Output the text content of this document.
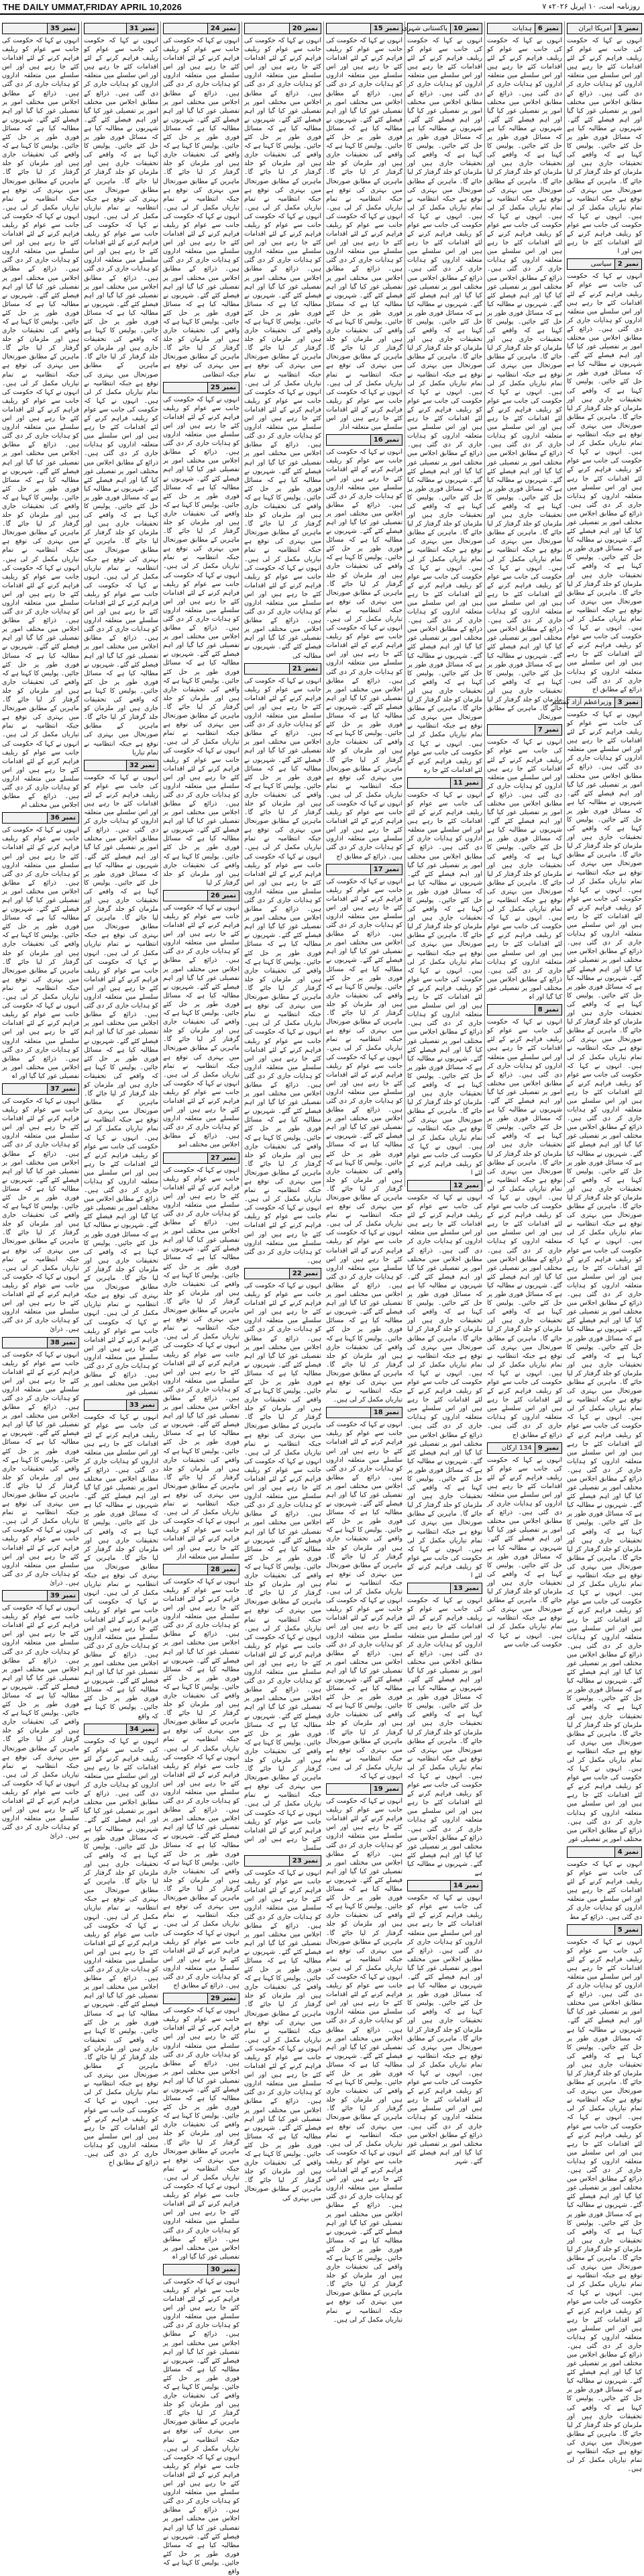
THE DAILY UMMAT,FRIDAY APRIL 10,2026	روزنامہ امت، ۱۰ اپریل ۲۰۲۶ء ۷
نمبر 35

انہوں نے کہا کہ حکومت کی جانب سے عوام کو ریلیف فراہم کرنے کے لئے اقدامات کئے جا رہے ہیں اور اس سلسلے میں متعلقہ اداروں کو ہدایات جاری کر دی گئی ہیں۔ ذرائع کے مطابق اجلاس میں مختلف امور پر تفصیلی غور کیا گیا اور اہم فیصلے کئے گئے۔ شہریوں نے مطالبہ کیا ہے کہ مسائل فوری طور پر حل کئے جائیں۔ پولیس کا کہنا ہے کہ واقعے کی تحقیقات جاری ہیں اور ملزمان کو جلد گرفتار کر لیا جائے گا۔ ماہرین کے مطابق صورتحال میں بہتری کی توقع ہے جبکہ انتظامیہ نے تمام تیاریاں مکمل کر لی ہیں۔ انہوں نے کہا کہ حکومت کی جانب سے عوام کو ریلیف فراہم کرنے کے لئے اقدامات کئے جا رہے ہیں اور اس سلسلے میں متعلقہ اداروں کو ہدایات جاری کر دی گئی ہیں۔ ذرائع کے مطابق اجلاس میں مختلف امور پر تفصیلی غور کیا گیا اور اہم فیصلے کئے گئے۔ شہریوں نے مطالبہ کیا ہے کہ مسائل فوری طور پر حل کئے جائیں۔ پولیس کا کہنا ہے کہ واقعے کی تحقیقات جاری ہیں اور ملزمان کو جلد گرفتار کر لیا جائے گا۔ ماہرین کے مطابق صورتحال میں بہتری کی توقع ہے جبکہ انتظامیہ نے تمام تیاریاں مکمل کر لی ہیں۔ انہوں نے کہا کہ حکومت کی جانب سے عوام کو ریلیف فراہم کرنے کے لئے اقدامات کئے جا رہے ہیں اور اس سلسلے میں متعلقہ اداروں کو ہدایات جاری کر دی گئی ہیں۔ ذرائع کے مطابق اجلاس میں مختلف امور پر تفصیلی غور کیا گیا اور اہم فیصلے کئے گئے۔ شہریوں نے مطالبہ کیا ہے کہ مسائل فوری طور پر حل کئے جائیں۔ پولیس کا کہنا ہے کہ واقعے کی تحقیقات جاری ہیں اور ملزمان کو جلد گرفتار کر لیا جائے گا۔ ماہرین کے مطابق صورتحال میں بہتری کی توقع ہے جبکہ انتظامیہ نے تمام تیاریاں مکمل کر لی ہیں۔ انہوں نے کہا کہ حکومت کی جانب سے عوام کو ریلیف فراہم کرنے کے لئے اقدامات کئے جا رہے ہیں اور اس سلسلے میں متعلقہ اداروں کو ہدایات جاری کر دی گئی ہیں۔ ذرائع کے مطابق اجلاس میں مختلف امور پر تفصیلی غور کیا گیا اور اہم فیصلے کئے گئے۔ شہریوں نے مطالبہ کیا ہے کہ مسائل فوری طور پر حل کئے جائیں۔ پولیس کا کہنا ہے کہ واقعے کی تحقیقات جاری ہیں اور ملزمان کو جلد گرفتار کر لیا جائے گا۔ ماہرین کے مطابق صورتحال میں بہتری کی توقع ہے جبکہ انتظامیہ نے تمام تیاریاں مکمل کر لی ہیں۔ انہوں نے کہا کہ حکومت کی جانب سے عوام کو ریلیف فراہم کرنے کے لئے اقدامات کئے جا رہے ہیں اور اس سلسلے میں متعلقہ اداروں کو ہدایات جاری کر دی گئی ہیں۔ ذرائع کے مطابق اجلاس میں مختلف ام

نمبر 36

انہوں نے کہا کہ حکومت کی جانب سے عوام کو ریلیف فراہم کرنے کے لئے اقدامات کئے جا رہے ہیں اور اس سلسلے میں متعلقہ اداروں کو ہدایات جاری کر دی گئی ہیں۔ ذرائع کے مطابق اجلاس میں مختلف امور پر تفصیلی غور کیا گیا اور اہم فیصلے کئے گئے۔ شہریوں نے مطالبہ کیا ہے کہ مسائل فوری طور پر حل کئے جائیں۔ پولیس کا کہنا ہے کہ واقعے کی تحقیقات جاری ہیں اور ملزمان کو جلد گرفتار کر لیا جائے گا۔ ماہرین کے مطابق صورتحال میں بہتری کی توقع ہے جبکہ انتظامیہ نے تمام تیاریاں مکمل کر لی ہیں۔ انہوں نے کہا کہ حکومت کی جانب سے عوام کو ریلیف فراہم کرنے کے لئے اقدامات کئے جا رہے ہیں اور اس سلسلے میں متعلقہ اداروں کو ہدایات جاری کر دی گئی ہیں۔ ذرائع کے مطابق اجلاس میں مختلف امور پر تفصیلی غور کیا گیا اور اہ

نمبر 37

انہوں نے کہا کہ حکومت کی جانب سے عوام کو ریلیف فراہم کرنے کے لئے اقدامات کئے جا رہے ہیں اور اس سلسلے میں متعلقہ اداروں کو ہدایات جاری کر دی گئی ہیں۔ ذرائع کے مطابق اجلاس میں مختلف امور پر تفصیلی غور کیا گیا اور اہم فیصلے کئے گئے۔ شہریوں نے مطالبہ کیا ہے کہ مسائل فوری طور پر حل کئے جائیں۔ پولیس کا کہنا ہے کہ واقعے کی تحقیقات جاری ہیں اور ملزمان کو جلد گرفتار کر لیا جائے گا۔ ماہرین کے مطابق صورتحال میں بہتری کی توقع ہے جبکہ انتظامیہ نے تمام تیاریاں مکمل کر لی ہیں۔ انہوں نے کہا کہ حکومت کی جانب سے عوام کو ریلیف فراہم کرنے کے لئے اقدامات کئے جا رہے ہیں اور اس سلسلے میں متعلقہ اداروں کو ہدایات جاری کر دی گئی ہیں۔ ذرائ

نمبر 38

انہوں نے کہا کہ حکومت کی جانب سے عوام کو ریلیف فراہم کرنے کے لئے اقدامات کئے جا رہے ہیں اور اس سلسلے میں متعلقہ اداروں کو ہدایات جاری کر دی گئی ہیں۔ ذرائع کے مطابق اجلاس میں مختلف امور پر تفصیلی غور کیا گیا اور اہم فیصلے کئے گئے۔ شہریوں نے مطالبہ کیا ہے کہ مسائل فوری طور پر حل کئے جائیں۔ پولیس کا کہنا ہے کہ واقعے کی تحقیقات جاری ہیں اور ملزمان کو جلد گرفتار کر لیا جائے گا۔ ماہرین کے مطابق صورتحال میں بہتری کی توقع ہے جبکہ انتظامیہ نے تمام تیاریاں مکمل کر لی ہیں۔ انہوں نے کہا کہ حکومت کی جانب سے عوام کو ریلیف فراہم کرنے کے لئے اقدامات کئے جا رہے ہیں اور اس سلسلے میں متعلقہ اداروں کو ہدایات جاری کر دی گئی ہیں۔ ذرائ

نمبر 39

انہوں نے کہا کہ حکومت کی جانب سے عوام کو ریلیف فراہم کرنے کے لئے اقدامات کئے جا رہے ہیں اور اس سلسلے میں متعلقہ اداروں کو ہدایات جاری کر دی گئی ہیں۔ ذرائع کے مطابق اجلاس میں مختلف امور پر تفصیلی غور کیا گیا اور اہم فیصلے کئے گئے۔ شہریوں نے مطالبہ کیا ہے کہ مسائل فوری طور پر حل کئے جائیں۔ پولیس کا کہنا ہے کہ واقعے کی تحقیقات جاری ہیں اور ملزمان کو جلد گرفتار کر لیا جائے گا۔ ماہرین کے مطابق صورتحال میں بہتری کی توقع ہے جبکہ انتظامیہ نے تمام تیاریاں مکمل کر لی ہیں۔ انہوں نے کہا کہ حکومت کی جانب سے عوام کو ریلیف فراہم کرنے کے لئے اقدامات کئے جا رہے ہیں اور اس سلسلے میں متعلقہ اداروں کو ہدایات جاری کر دی گئی ہیں۔ ذرائ

نمبر 31

انہوں نے کہا کہ حکومت کی جانب سے عوام کو ریلیف فراہم کرنے کے لئے اقدامات کئے جا رہے ہیں اور اس سلسلے میں متعلقہ اداروں کو ہدایات جاری کر دی گئی ہیں۔ ذرائع کے مطابق اجلاس میں مختلف امور پر تفصیلی غور کیا گیا اور اہم فیصلے کئے گئے۔ شہریوں نے مطالبہ کیا ہے کہ مسائل فوری طور پر حل کئے جائیں۔ پولیس کا کہنا ہے کہ واقعے کی تحقیقات جاری ہیں اور ملزمان کو جلد گرفتار کر لیا جائے گا۔ ماہرین کے مطابق صورتحال میں بہتری کی توقع ہے جبکہ انتظامیہ نے تمام تیاریاں مکمل کر لی ہیں۔ انہوں نے کہا کہ حکومت کی جانب سے عوام کو ریلیف فراہم کرنے کے لئے اقدامات کئے جا رہے ہیں اور اس سلسلے میں متعلقہ اداروں کو ہدایات جاری کر دی گئی ہیں۔ ذرائع کے مطابق اجلاس میں مختلف امور پر تفصیلی غور کیا گیا اور اہم فیصلے کئے گئے۔ شہریوں نے مطالبہ کیا ہے کہ مسائل فوری طور پر حل کئے جائیں۔ پولیس کا کہنا ہے کہ واقعے کی تحقیقات جاری ہیں اور ملزمان کو جلد گرفتار کر لیا جائے گا۔ ماہرین کے مطابق صورتحال میں بہتری کی توقع ہے جبکہ انتظامیہ نے تمام تیاریاں مکمل کر لی ہیں۔ انہوں نے کہا کہ حکومت کی جانب سے عوام کو ریلیف فراہم کرنے کے لئے اقدامات کئے جا رہے ہیں اور اس سلسلے میں متعلقہ اداروں کو ہدایات جاری کر دی گئی ہیں۔ ذرائع کے مطابق اجلاس میں مختلف امور پر تفصیلی غور کیا گیا اور اہم فیصلے کئے گئے۔ شہریوں نے مطالبہ کیا ہے کہ مسائل فوری طور پر حل کئے جائیں۔ پولیس کا کہنا ہے کہ واقعے کی تحقیقات جاری ہیں اور ملزمان کو جلد گرفتار کر لیا جائے گا۔ ماہرین کے مطابق صورتحال میں بہتری کی توقع ہے جبکہ انتظامیہ نے تمام تیاریاں مکمل کر لی ہیں۔ انہوں نے کہا کہ حکومت کی جانب سے عوام کو ریلیف فراہم کرنے کے لئے اقدامات کئے جا رہے ہیں اور اس سلسلے میں متعلقہ اداروں کو ہدایات جاری کر دی گئی ہیں۔ ذرائع کے مطابق اجلاس میں مختلف امور پر تفصیلی غور کیا گیا اور اہم فیصلے کئے گئے۔ شہریوں نے مطالبہ کیا ہے کہ مسائل فوری طور پر حل کئے جائیں۔ پولیس کا کہنا ہے کہ واقعے کی تحقیقات جاری ہیں اور ملزمان کو جلد گرفتار کر لیا جائے گا۔ ماہرین کے مطابق صورتحال میں بہتری کی توقع ہے جبکہ انتظامیہ نے تمام تیاریا

نمبر 32

انہوں نے کہا کہ حکومت کی جانب سے عوام کو ریلیف فراہم کرنے کے لئے اقدامات کئے جا رہے ہیں اور اس سلسلے میں متعلقہ اداروں کو ہدایات جاری کر دی گئی ہیں۔ ذرائع کے مطابق اجلاس میں مختلف امور پر تفصیلی غور کیا گیا اور اہم فیصلے کئے گئے۔ شہریوں نے مطالبہ کیا ہے کہ مسائل فوری طور پر حل کئے جائیں۔ پولیس کا کہنا ہے کہ واقعے کی تحقیقات جاری ہیں اور ملزمان کو جلد گرفتار کر لیا جائے گا۔ ماہرین کے مطابق صورتحال میں بہتری کی توقع ہے جبکہ انتظامیہ نے تمام تیاریاں مکمل کر لی ہیں۔ انہوں نے کہا کہ حکومت کی جانب سے عوام کو ریلیف فراہم کرنے کے لئے اقدامات کئے جا رہے ہیں اور اس سلسلے میں متعلقہ اداروں کو ہدایات جاری کر دی گئی ہیں۔ ذرائع کے مطابق اجلاس میں مختلف امور پر تفصیلی غور کیا گیا اور اہم فیصلے کئے گئے۔ شہریوں نے مطالبہ کیا ہے کہ مسائل فوری طور پر حل کئے جائیں۔ پولیس کا کہنا ہے کہ واقعے کی تحقیقات جاری ہیں اور ملزمان کو جلد گرفتار کر لیا جائے گا۔ ماہرین کے مطابق صورتحال میں بہتری کی توقع ہے جبکہ انتظامیہ نے تمام تیاریاں مکمل کر لی ہیں۔ انہوں نے کہا کہ حکومت کی جانب سے عوام کو ریلیف فراہم کرنے کے لئے اقدامات کئے جا رہے ہیں اور اس سلسلے میں متعلقہ اداروں کو ہدایات جاری کر دی گئی ہیں۔ ذرائع کے مطابق اجلاس میں مختلف امور پر تفصیلی غور کیا گیا اور اہم فیصلے کئے گئے۔ شہریوں نے مطالبہ کیا ہے کہ مسائل فوری طور پر حل کئے جائیں۔ پولیس کا کہنا ہے کہ واقعے کی تحقیقات جاری ہیں اور ملزمان کو جلد گرفتار کر لیا جائے گا۔ ماہرین کے مطابق صورتحال میں بہتری کی توقع ہے جبکہ انتظامیہ نے تمام تیاریاں مکمل کر لی ہیں۔ انہوں نے کہا کہ حکومت کی جانب سے عوام کو ریلیف فراہم کرنے کے لئے اقدامات کئے جا رہے ہیں اور اس سلسلے میں متعلقہ اداروں کو ہدایات جاری کر دی گئی ہیں۔ ذرائع کے مطابق اجلاس میں مختلف امور پر تفصیلی غور

نمبر 33

انہوں نے کہا کہ حکومت کی جانب سے عوام کو ریلیف فراہم کرنے کے لئے اقدامات کئے جا رہے ہیں اور اس سلسلے میں متعلقہ اداروں کو ہدایات جاری کر دی گئی ہیں۔ ذرائع کے مطابق اجلاس میں مختلف امور پر تفصیلی غور کیا گیا اور اہم فیصلے کئے گئے۔ شہریوں نے مطالبہ کیا ہے کہ مسائل فوری طور پر حل کئے جائیں۔ پولیس کا کہنا ہے کہ واقعے کی تحقیقات جاری ہیں اور ملزمان کو جلد گرفتار کر لیا جائے گا۔ ماہرین کے مطابق صورتحال میں بہتری کی توقع ہے جبکہ انتظامیہ نے تمام تیاریاں مکمل کر لی ہیں۔ انہوں نے کہا کہ حکومت کی جانب سے عوام کو ریلیف فراہم کرنے کے لئے اقدامات کئے جا رہے ہیں اور اس سلسلے میں متعلقہ اداروں کو ہدایات جاری کر دی گئی ہیں۔ ذرائع کے مطابق اجلاس میں مختلف امور پر تفصیلی غور کیا گیا اور اہم فیصلے کئے گئے۔ شہریوں نے مطالبہ کیا ہے کہ مسائل فوری طور پر حل کئے جائیں۔ پولیس کا کہنا ہے کہ واقع

نمبر 34

انہوں نے کہا کہ حکومت کی جانب سے عوام کو ریلیف فراہم کرنے کے لئے اقدامات کئے جا رہے ہیں اور اس سلسلے میں متعلقہ اداروں کو ہدایات جاری کر دی گئی ہیں۔ ذرائع کے مطابق اجلاس میں مختلف امور پر تفصیلی غور کیا گیا اور اہم فیصلے کئے گئے۔ شہریوں نے مطالبہ کیا ہے کہ مسائل فوری طور پر حل کئے جائیں۔ پولیس کا کہنا ہے کہ واقعے کی تحقیقات جاری ہیں اور ملزمان کو جلد گرفتار کر لیا جائے گا۔ ماہرین کے مطابق صورتحال میں بہتری کی توقع ہے جبکہ انتظامیہ نے تمام تیاریاں مکمل کر لی ہیں۔ انہوں نے کہا کہ حکومت کی جانب سے عوام کو ریلیف فراہم کرنے کے لئے اقدامات کئے جا رہے ہیں اور اس سلسلے میں متعلقہ اداروں کو ہدایات جاری کر دی گئی ہیں۔ ذرائع کے مطابق اجلاس میں مختلف امور پر تفصیلی غور کیا گیا اور اہم فیصلے کئے گئے۔ شہریوں نے مطالبہ کیا ہے کہ مسائل فوری طور پر حل کئے جائیں۔ پولیس کا کہنا ہے کہ واقعے کی تحقیقات جاری ہیں اور ملزمان کو جلد گرفتار کر لیا جائے گا۔ ماہرین کے مطابق صورتحال میں بہتری کی توقع ہے جبکہ انتظامیہ نے تمام تیاریاں مکمل کر لی ہیں۔ انہوں نے کہا کہ حکومت کی جانب سے عوام کو ریلیف فراہم کرنے کے لئے اقدامات کئے جا رہے ہیں اور اس سلسلے میں متعلقہ اداروں کو ہدایات جاری کر دی گئی ہیں۔ ذرائع کے مطابق اج

نمبر 24

انہوں نے کہا کہ حکومت کی جانب سے عوام کو ریلیف فراہم کرنے کے لئے اقدامات کئے جا رہے ہیں اور اس سلسلے میں متعلقہ اداروں کو ہدایات جاری کر دی گئی ہیں۔ ذرائع کے مطابق اجلاس میں مختلف امور پر تفصیلی غور کیا گیا اور اہم فیصلے کئے گئے۔ شہریوں نے مطالبہ کیا ہے کہ مسائل فوری طور پر حل کئے جائیں۔ پولیس کا کہنا ہے کہ واقعے کی تحقیقات جاری ہیں اور ملزمان کو جلد گرفتار کر لیا جائے گا۔ ماہرین کے مطابق صورتحال میں بہتری کی توقع ہے جبکہ انتظامیہ نے تمام تیاریاں مکمل کر لی ہیں۔ انہوں نے کہا کہ حکومت کی جانب سے عوام کو ریلیف فراہم کرنے کے لئے اقدامات کئے جا رہے ہیں اور اس سلسلے میں متعلقہ اداروں کو ہدایات جاری کر دی گئی ہیں۔ ذرائع کے مطابق اجلاس میں مختلف امور پر تفصیلی غور کیا گیا اور اہم فیصلے کئے گئے۔ شہریوں نے مطالبہ کیا ہے کہ مسائل فوری طور پر حل کئے جائیں۔ پولیس کا کہنا ہے کہ واقعے کی تحقیقات جاری ہیں اور ملزمان کو جلد گرفتار کر لیا جائے گا۔ ماہرین کے مطابق صورتحال میں بہتری کی توقع ہے جبکہ انتظامی

نمبر 25

انہوں نے کہا کہ حکومت کی جانب سے عوام کو ریلیف فراہم کرنے کے لئے اقدامات کئے جا رہے ہیں اور اس سلسلے میں متعلقہ اداروں کو ہدایات جاری کر دی گئی ہیں۔ ذرائع کے مطابق اجلاس میں مختلف امور پر تفصیلی غور کیا گیا اور اہم فیصلے کئے گئے۔ شہریوں نے مطالبہ کیا ہے کہ مسائل فوری طور پر حل کئے جائیں۔ پولیس کا کہنا ہے کہ واقعے کی تحقیقات جاری ہیں اور ملزمان کو جلد گرفتار کر لیا جائے گا۔ ماہرین کے مطابق صورتحال میں بہتری کی توقع ہے جبکہ انتظامیہ نے تمام تیاریاں مکمل کر لی ہیں۔ انہوں نے کہا کہ حکومت کی جانب سے عوام کو ریلیف فراہم کرنے کے لئے اقدامات کئے جا رہے ہیں اور اس سلسلے میں متعلقہ اداروں کو ہدایات جاری کر دی گئی ہیں۔ ذرائع کے مطابق اجلاس میں مختلف امور پر تفصیلی غور کیا گیا اور اہم فیصلے کئے گئے۔ شہریوں نے مطالبہ کیا ہے کہ مسائل فوری طور پر حل کئے جائیں۔ پولیس کا کہنا ہے کہ واقعے کی تحقیقات جاری ہیں اور ملزمان کو جلد گرفتار کر لیا جائے گا۔ ماہرین کے مطابق صورتحال میں بہتری کی توقع ہے جبکہ انتظامیہ نے تمام تیاریاں مکمل کر لی ہیں۔ انہوں نے کہا کہ حکومت کی جانب سے عوام کو ریلیف فراہم کرنے کے لئے اقدامات کئے جا رہے ہیں اور اس سلسلے میں متعلقہ اداروں کو ہدایات جاری کر دی گئی ہیں۔ ذرائع کے مطابق اجلاس میں مختلف امور پر تفصیلی غور کیا گیا اور اہم فیصلے کئے گئے۔ شہریوں نے مطالبہ کیا ہے کہ مسائل فوری طور پر حل کئے جائیں۔ پولیس کا کہنا ہے کہ واقعے کی تحقیقات جاری ہیں اور ملزمان کو جلد گرفتار کر لیا

نمبر 26

انہوں نے کہا کہ حکومت کی جانب سے عوام کو ریلیف فراہم کرنے کے لئے اقدامات کئے جا رہے ہیں اور اس سلسلے میں متعلقہ اداروں کو ہدایات جاری کر دی گئی ہیں۔ ذرائع کے مطابق اجلاس میں مختلف امور پر تفصیلی غور کیا گیا اور اہم فیصلے کئے گئے۔ شہریوں نے مطالبہ کیا ہے کہ مسائل فوری طور پر حل کئے جائیں۔ پولیس کا کہنا ہے کہ واقعے کی تحقیقات جاری ہیں اور ملزمان کو جلد گرفتار کر لیا جائے گا۔ ماہرین کے مطابق صورتحال میں بہتری کی توقع ہے جبکہ انتظامیہ نے تمام تیاریاں مکمل کر لی ہیں۔ انہوں نے کہا کہ حکومت کی جانب سے عوام کو ریلیف فراہم کرنے کے لئے اقدامات کئے جا رہے ہیں اور اس سلسلے میں متعلقہ اداروں کو ہدایات جاری کر دی گئی ہیں۔ ذرائع کے مطابق اجلاس میں مختلف امو

نمبر 27

انہوں نے کہا کہ حکومت کی جانب سے عوام کو ریلیف فراہم کرنے کے لئے اقدامات کئے جا رہے ہیں اور اس سلسلے میں متعلقہ اداروں کو ہدایات جاری کر دی گئی ہیں۔ ذرائع کے مطابق اجلاس میں مختلف امور پر تفصیلی غور کیا گیا اور اہم فیصلے کئے گئے۔ شہریوں نے مطالبہ کیا ہے کہ مسائل فوری طور پر حل کئے جائیں۔ پولیس کا کہنا ہے کہ واقعے کی تحقیقات جاری ہیں اور ملزمان کو جلد گرفتار کر لیا جائے گا۔ ماہرین کے مطابق صورتحال میں بہتری کی توقع ہے جبکہ انتظامیہ نے تمام تیاریاں مکمل کر لی ہیں۔ انہوں نے کہا کہ حکومت کی جانب سے عوام کو ریلیف فراہم کرنے کے لئے اقدامات کئے جا رہے ہیں اور اس سلسلے میں متعلقہ اداروں کو ہدایات جاری کر دی گئی ہیں۔ ذرائع کے مطابق اجلاس میں مختلف امور پر تفصیلی غور کیا گیا اور اہم فیصلے کئے گئے۔ شہریوں نے مطالبہ کیا ہے کہ مسائل فوری طور پر حل کئے جائیں۔ پولیس کا کہنا ہے کہ واقعے کی تحقیقات جاری ہیں اور ملزمان کو جلد گرفتار کر لیا جائے گا۔ ماہرین کے مطابق صورتحال میں بہتری کی توقع ہے جبکہ انتظامیہ نے تمام تیاریاں مکمل کر لی ہیں۔ انہوں نے کہا کہ حکومت کی جانب سے عوام کو ریلیف فراہم کرنے کے لئے اقدامات کئے جا رہے ہیں اور اس سلسلے میں متعلقہ ادار

نمبر 28

انہوں نے کہا کہ حکومت کی جانب سے عوام کو ریلیف فراہم کرنے کے لئے اقدامات کئے جا رہے ہیں اور اس سلسلے میں متعلقہ اداروں کو ہدایات جاری کر دی گئی ہیں۔ ذرائع کے مطابق اجلاس میں مختلف امور پر تفصیلی غور کیا گیا اور اہم فیصلے کئے گئے۔ شہریوں نے مطالبہ کیا ہے کہ مسائل فوری طور پر حل کئے جائیں۔ پولیس کا کہنا ہے کہ واقعے کی تحقیقات جاری ہیں اور ملزمان کو جلد گرفتار کر لیا جائے گا۔ ماہرین کے مطابق صورتحال میں بہتری کی توقع ہے جبکہ انتظامیہ نے تمام تیاریاں مکمل کر لی ہیں۔ انہوں نے کہا کہ حکومت کی جانب سے عوام کو ریلیف فراہم کرنے کے لئے اقدامات کئے جا رہے ہیں اور اس سلسلے میں متعلقہ اداروں کو ہدایات جاری کر دی گئی ہیں۔ ذرائع کے مطابق اجلاس میں مختلف امور پر تفصیلی غور کیا گیا اور اہم فیصلے کئے گئے۔ شہریوں نے مطالبہ کیا ہے کہ مسائل فوری طور پر حل کئے جائیں۔ پولیس کا کہنا ہے کہ واقعے کی تحقیقات جاری ہیں اور ملزمان کو جلد گرفتار کر لیا جائے گا۔ ماہرین کے مطابق صورتحال میں بہتری کی توقع ہے جبکہ انتظامیہ نے تمام تیاریاں مکمل کر لی ہیں۔ انہوں نے کہا کہ حکومت کی جانب سے عوام کو ریلیف فراہم کرنے کے لئے اقدامات کئے جا رہے ہیں اور اس سلسلے میں متعلقہ اداروں کو ہدایات جاری کر دی گئی ہیں۔ ذرائع کے مطابق اج

نمبر 29

انہوں نے کہا کہ حکومت کی جانب سے عوام کو ریلیف فراہم کرنے کے لئے اقدامات کئے جا رہے ہیں اور اس سلسلے میں متعلقہ اداروں کو ہدایات جاری کر دی گئی ہیں۔ ذرائع کے مطابق اجلاس میں مختلف امور پر تفصیلی غور کیا گیا اور اہم فیصلے کئے گئے۔ شہریوں نے مطالبہ کیا ہے کہ مسائل فوری طور پر حل کئے جائیں۔ پولیس کا کہنا ہے کہ واقعے کی تحقیقات جاری ہیں اور ملزمان کو جلد گرفتار کر لیا جائے گا۔ ماہرین کے مطابق صورتحال میں بہتری کی توقع ہے جبکہ انتظامیہ نے تمام تیاریاں مکمل کر لی ہیں۔ انہوں نے کہا کہ حکومت کی جانب سے عوام کو ریلیف فراہم کرنے کے لئے اقدامات کئے جا رہے ہیں اور اس سلسلے میں متعلقہ اداروں کو ہدایات جاری کر دی گئی ہیں۔ ذرائع کے مطابق اجلاس میں مختلف امور پر تفصیلی غور کیا گیا اور اہ

نمبر 30

انہوں نے کہا کہ حکومت کی جانب سے عوام کو ریلیف فراہم کرنے کے لئے اقدامات کئے جا رہے ہیں اور اس سلسلے میں متعلقہ اداروں کو ہدایات جاری کر دی گئی ہیں۔ ذرائع کے مطابق اجلاس میں مختلف امور پر تفصیلی غور کیا گیا اور اہم فیصلے کئے گئے۔ شہریوں نے مطالبہ کیا ہے کہ مسائل فوری طور پر حل کئے جائیں۔ پولیس کا کہنا ہے کہ واقعے کی تحقیقات جاری ہیں اور ملزمان کو جلد گرفتار کر لیا جائے گا۔ ماہرین کے مطابق صورتحال میں بہتری کی توقع ہے جبکہ انتظامیہ نے تمام تیاریاں مکمل کر لی ہیں۔ انہوں نے کہا کہ حکومت کی جانب سے عوام کو ریلیف فراہم کرنے کے لئے اقدامات کئے جا رہے ہیں اور اس سلسلے میں متعلقہ اداروں کو ہدایات جاری کر دی گئی ہیں۔ ذرائع کے مطابق اجلاس میں مختلف امور پر تفصیلی غور کیا گیا اور اہم فیصلے کئے گئے۔ شہریوں نے مطالبہ کیا ہے کہ مسائل فوری طور پر حل کئے جائیں۔ پولیس کا کہنا ہے کہ واقع

نمبر 20

انہوں نے کہا کہ حکومت کی جانب سے عوام کو ریلیف فراہم کرنے کے لئے اقدامات کئے جا رہے ہیں اور اس سلسلے میں متعلقہ اداروں کو ہدایات جاری کر دی گئی ہیں۔ ذرائع کے مطابق اجلاس میں مختلف امور پر تفصیلی غور کیا گیا اور اہم فیصلے کئے گئے۔ شہریوں نے مطالبہ کیا ہے کہ مسائل فوری طور پر حل کئے جائیں۔ پولیس کا کہنا ہے کہ واقعے کی تحقیقات جاری ہیں اور ملزمان کو جلد گرفتار کر لیا جائے گا۔ ماہرین کے مطابق صورتحال میں بہتری کی توقع ہے جبکہ انتظامیہ نے تمام تیاریاں مکمل کر لی ہیں۔ انہوں نے کہا کہ حکومت کی جانب سے عوام کو ریلیف فراہم کرنے کے لئے اقدامات کئے جا رہے ہیں اور اس سلسلے میں متعلقہ اداروں کو ہدایات جاری کر دی گئی ہیں۔ ذرائع کے مطابق اجلاس میں مختلف امور پر تفصیلی غور کیا گیا اور اہم فیصلے کئے گئے۔ شہریوں نے مطالبہ کیا ہے کہ مسائل فوری طور پر حل کئے جائیں۔ پولیس کا کہنا ہے کہ واقعے کی تحقیقات جاری ہیں اور ملزمان کو جلد گرفتار کر لیا جائے گا۔ ماہرین کے مطابق صورتحال میں بہتری کی توقع ہے جبکہ انتظامیہ نے تمام تیاریاں مکمل کر لی ہیں۔ انہوں نے کہا کہ حکومت کی جانب سے عوام کو ریلیف فراہم کرنے کے لئے اقدامات کئے جا رہے ہیں اور اس سلسلے میں متعلقہ اداروں کو ہدایات جاری کر دی گئی ہیں۔ ذرائع کے مطابق اجلاس میں مختلف امور پر تفصیلی غور کیا گیا اور اہم فیصلے کئے گئے۔ شہریوں نے مطالبہ کیا ہے کہ مسائل فوری طور پر حل کئے جائیں۔ پولیس کا کہنا ہے کہ واقعے کی تحقیقات جاری ہیں اور ملزمان کو جلد گرفتار کر لیا جائے گا۔ ماہرین کے مطابق صورتحال میں بہتری کی توقع ہے جبکہ انتظامیہ نے تمام تیاریاں مکمل کر لی ہیں۔ انہوں نے کہا کہ حکومت کی جانب سے عوام کو ریلیف فراہم کرنے کے لئے اقدامات کئے جا رہے ہیں اور اس سلسلے میں متعلقہ اداروں کو ہدایات جاری کر دی گئی ہیں۔ ذرائع کے مطابق اجلاس میں مختلف امور پر تفصیلی غور کیا گیا اور اہم فیصلے کئے گئے۔ شہریوں نے مطالبہ کی

نمبر 21

انہوں نے کہا کہ حکومت کی جانب سے عوام کو ریلیف فراہم کرنے کے لئے اقدامات کئے جا رہے ہیں اور اس سلسلے میں متعلقہ اداروں کو ہدایات جاری کر دی گئی ہیں۔ ذرائع کے مطابق اجلاس میں مختلف امور پر تفصیلی غور کیا گیا اور اہم فیصلے کئے گئے۔ شہریوں نے مطالبہ کیا ہے کہ مسائل فوری طور پر حل کئے جائیں۔ پولیس کا کہنا ہے کہ واقعے کی تحقیقات جاری ہیں اور ملزمان کو جلد گرفتار کر لیا جائے گا۔ ماہرین کے مطابق صورتحال میں بہتری کی توقع ہے جبکہ انتظامیہ نے تمام تیاریاں مکمل کر لی ہیں۔ انہوں نے کہا کہ حکومت کی جانب سے عوام کو ریلیف فراہم کرنے کے لئے اقدامات کئے جا رہے ہیں اور اس سلسلے میں متعلقہ اداروں کو ہدایات جاری کر دی گئی ہیں۔ ذرائع کے مطابق اجلاس میں مختلف امور پر تفصیلی غور کیا گیا اور اہم فیصلے کئے گئے۔ شہریوں نے مطالبہ کیا ہے کہ مسائل فوری طور پر حل کئے جائیں۔ پولیس کا کہنا ہے کہ واقعے کی تحقیقات جاری ہیں اور ملزمان کو جلد گرفتار کر لیا جائے گا۔ ماہرین کے مطابق صورتحال میں بہتری کی توقع ہے جبکہ انتظامیہ نے تمام تیاریاں مکمل کر لی ہیں۔ انہوں نے کہا کہ حکومت کی جانب سے عوام کو ریلیف فراہم کرنے کے لئے اقدامات کئے جا رہے ہیں اور اس سلسلے میں متعلقہ اداروں کو ہدایات جاری کر دی گئی ہیں۔ ذرائع کے مطابق اجلاس میں مختلف امور پر تفصیلی غور کیا گیا اور اہم فیصلے کئے گئے۔ شہریوں نے مطالبہ کیا ہے کہ مسائل فوری طور پر حل کئے جائیں۔ پولیس کا کہنا ہے کہ واقعے کی تحقیقات جاری ہیں اور ملزمان کو جلد گرفتار کر لیا جائے گا۔ ماہرین کے مطابق صورتحال میں بہتری کی توقع ہے جبکہ انتظامیہ نے تمام تیاریاں مکمل کر لی ہیں۔ انہوں نے کہا کہ حکومت کی جانب سے عوام کو ریلیف فراہم کرنے کے لئے اقدامات کئے جا رہے ہیں اور اس سلسلے میں متعلقہ اداروں کو ہدایات جاری کر دی گئی ہیں۔

نمبر 22

انہوں نے کہا کہ حکومت کی جانب سے عوام کو ریلیف فراہم کرنے کے لئے اقدامات کئے جا رہے ہیں اور اس سلسلے میں متعلقہ اداروں کو ہدایات جاری کر دی گئی ہیں۔ ذرائع کے مطابق اجلاس میں مختلف امور پر تفصیلی غور کیا گیا اور اہم فیصلے کئے گئے۔ شہریوں نے مطالبہ کیا ہے کہ مسائل فوری طور پر حل کئے جائیں۔ پولیس کا کہنا ہے کہ واقعے کی تحقیقات جاری ہیں اور ملزمان کو جلد گرفتار کر لیا جائے گا۔ ماہرین کے مطابق صورتحال میں بہتری کی توقع ہے جبکہ انتظامیہ نے تمام تیاریاں مکمل کر لی ہیں۔ انہوں نے کہا کہ حکومت کی جانب سے عوام کو ریلیف فراہم کرنے کے لئے اقدامات کئے جا رہے ہیں اور اس سلسلے میں متعلقہ اداروں کو ہدایات جاری کر دی گئی ہیں۔ ذرائع کے مطابق اجلاس میں مختلف امور پر تفصیلی غور کیا گیا اور اہم فیصلے کئے گئے۔ شہریوں نے مطالبہ کیا ہے کہ مسائل فوری طور پر حل کئے جائیں۔ پولیس کا کہنا ہے کہ واقعے کی تحقیقات جاری ہیں اور ملزمان کو جلد گرفتار کر لیا جائے گا۔ ماہرین کے مطابق صورتحال میں بہتری کی توقع ہے جبکہ انتظامیہ نے تمام تیاریاں مکمل کر لی ہیں۔ انہوں نے کہا کہ حکومت کی جانب سے عوام کو ریلیف فراہم کرنے کے لئے اقدامات کئے جا رہے ہیں اور اس سلسلے میں متعلقہ اداروں کو ہدایات جاری کر دی گئی ہیں۔ ذرائع کے مطابق اجلاس میں مختلف امور پر تفصیلی غور کیا گیا اور اہم فیصلے کئے گئے۔ شہریوں نے مطالبہ کیا ہے کہ مسائل فوری طور پر حل کئے جائیں۔ پولیس کا کہنا ہے کہ واقعے کی تحقیقات جاری ہیں اور ملزمان کو جلد گرفتار کر لیا جائے گا۔ ماہرین کے مطابق صورتحال میں بہتری کی توقع ہے جبکہ انتظامیہ نے تمام تیاریاں مکمل کر لی ہیں۔ انہوں نے کہا کہ حکومت کی جانب سے عوام کو ریلیف فراہم کرنے کے لئے اقدامات کئے جا رہے ہیں اور اس سلسل

نمبر 23

انہوں نے کہا کہ حکومت کی جانب سے عوام کو ریلیف فراہم کرنے کے لئے اقدامات کئے جا رہے ہیں اور اس سلسلے میں متعلقہ اداروں کو ہدایات جاری کر دی گئی ہیں۔ ذرائع کے مطابق اجلاس میں مختلف امور پر تفصیلی غور کیا گیا اور اہم فیصلے کئے گئے۔ شہریوں نے مطالبہ کیا ہے کہ مسائل فوری طور پر حل کئے جائیں۔ پولیس کا کہنا ہے کہ واقعے کی تحقیقات جاری ہیں اور ملزمان کو جلد گرفتار کر لیا جائے گا۔ ماہرین کے مطابق صورتحال میں بہتری کی توقع ہے جبکہ انتظامیہ نے تمام تیاریاں مکمل کر لی ہیں۔ انہوں نے کہا کہ حکومت کی جانب سے عوام کو ریلیف فراہم کرنے کے لئے اقدامات کئے جا رہے ہیں اور اس سلسلے میں متعلقہ اداروں کو ہدایات جاری کر دی گئی ہیں۔ ذرائع کے مطابق اجلاس میں مختلف امور پر تفصیلی غور کیا گیا اور اہم فیصلے کئے گئے۔ شہریوں نے مطالبہ کیا ہے کہ مسائل فوری طور پر حل کئے جائیں۔ پولیس کا کہنا ہے کہ واقعے کی تحقیقات جاری ہیں اور ملزمان کو جلد گرفتار کر لیا جائے گا۔ ماہرین کے مطابق صورتحال میں بہتری کی

نمبر 15

انہوں نے کہا کہ حکومت کی جانب سے عوام کو ریلیف فراہم کرنے کے لئے اقدامات کئے جا رہے ہیں اور اس سلسلے میں متعلقہ اداروں کو ہدایات جاری کر دی گئی ہیں۔ ذرائع کے مطابق اجلاس میں مختلف امور پر تفصیلی غور کیا گیا اور اہم فیصلے کئے گئے۔ شہریوں نے مطالبہ کیا ہے کہ مسائل فوری طور پر حل کئے جائیں۔ پولیس کا کہنا ہے کہ واقعے کی تحقیقات جاری ہیں اور ملزمان کو جلد گرفتار کر لیا جائے گا۔ ماہرین کے مطابق صورتحال میں بہتری کی توقع ہے جبکہ انتظامیہ نے تمام تیاریاں مکمل کر لی ہیں۔ انہوں نے کہا کہ حکومت کی جانب سے عوام کو ریلیف فراہم کرنے کے لئے اقدامات کئے جا رہے ہیں اور اس سلسلے میں متعلقہ اداروں کو ہدایات جاری کر دی گئی ہیں۔ ذرائع کے مطابق اجلاس میں مختلف امور پر تفصیلی غور کیا گیا اور اہم فیصلے کئے گئے۔ شہریوں نے مطالبہ کیا ہے کہ مسائل فوری طور پر حل کئے جائیں۔ پولیس کا کہنا ہے کہ واقعے کی تحقیقات جاری ہیں اور ملزمان کو جلد گرفتار کر لیا جائے گا۔ ماہرین کے مطابق صورتحال میں بہتری کی توقع ہے جبکہ انتظامیہ نے تمام تیاریاں مکمل کر لی ہیں۔ انہوں نے کہا کہ حکومت کی جانب سے عوام کو ریلیف فراہم کرنے کے لئے اقدامات کئے جا رہے ہیں اور اس سلسلے میں متعلقہ ادار

نمبر 16

انہوں نے کہا کہ حکومت کی جانب سے عوام کو ریلیف فراہم کرنے کے لئے اقدامات کئے جا رہے ہیں اور اس سلسلے میں متعلقہ اداروں کو ہدایات جاری کر دی گئی ہیں۔ ذرائع کے مطابق اجلاس میں مختلف امور پر تفصیلی غور کیا گیا اور اہم فیصلے کئے گئے۔ شہریوں نے مطالبہ کیا ہے کہ مسائل فوری طور پر حل کئے جائیں۔ پولیس کا کہنا ہے کہ واقعے کی تحقیقات جاری ہیں اور ملزمان کو جلد گرفتار کر لیا جائے گا۔ ماہرین کے مطابق صورتحال میں بہتری کی توقع ہے جبکہ انتظامیہ نے تمام تیاریاں مکمل کر لی ہیں۔ انہوں نے کہا کہ حکومت کی جانب سے عوام کو ریلیف فراہم کرنے کے لئے اقدامات کئے جا رہے ہیں اور اس سلسلے میں متعلقہ اداروں کو ہدایات جاری کر دی گئی ہیں۔ ذرائع کے مطابق اجلاس میں مختلف امور پر تفصیلی غور کیا گیا اور اہم فیصلے کئے گئے۔ شہریوں نے مطالبہ کیا ہے کہ مسائل فوری طور پر حل کئے جائیں۔ پولیس کا کہنا ہے کہ واقعے کی تحقیقات جاری ہیں اور ملزمان کو جلد گرفتار کر لیا جائے گا۔ ماہرین کے مطابق صورتحال میں بہتری کی توقع ہے جبکہ انتظامیہ نے تمام تیاریاں مکمل کر لی ہیں۔ انہوں نے کہا کہ حکومت کی جانب سے عوام کو ریلیف فراہم کرنے کے لئے اقدامات کئے جا رہے ہیں اور اس سلسلے میں متعلقہ اداروں کو ہدایات جاری کر دی گئی ہیں۔ ذرائع کے مطابق اج

نمبر 17

انہوں نے کہا کہ حکومت کی جانب سے عوام کو ریلیف فراہم کرنے کے لئے اقدامات کئے جا رہے ہیں اور اس سلسلے میں متعلقہ اداروں کو ہدایات جاری کر دی گئی ہیں۔ ذرائع کے مطابق اجلاس میں مختلف امور پر تفصیلی غور کیا گیا اور اہم فیصلے کئے گئے۔ شہریوں نے مطالبہ کیا ہے کہ مسائل فوری طور پر حل کئے جائیں۔ پولیس کا کہنا ہے کہ واقعے کی تحقیقات جاری ہیں اور ملزمان کو جلد گرفتار کر لیا جائے گا۔ ماہرین کے مطابق صورتحال میں بہتری کی توقع ہے جبکہ انتظامیہ نے تمام تیاریاں مکمل کر لی ہیں۔ انہوں نے کہا کہ حکومت کی جانب سے عوام کو ریلیف فراہم کرنے کے لئے اقدامات کئے جا رہے ہیں اور اس سلسلے میں متعلقہ اداروں کو ہدایات جاری کر دی گئی ہیں۔ ذرائع کے مطابق اجلاس میں مختلف امور پر تفصیلی غور کیا گیا اور اہم فیصلے کئے گئے۔ شہریوں نے مطالبہ کیا ہے کہ مسائل فوری طور پر حل کئے جائیں۔ پولیس کا کہنا ہے کہ واقعے کی تحقیقات جاری ہیں اور ملزمان کو جلد گرفتار کر لیا جائے گا۔ ماہرین کے مطابق صورتحال میں بہتری کی توقع ہے جبکہ انتظامیہ نے تمام تیاریاں مکمل کر لی ہیں۔ انہوں نے کہا کہ حکومت کی جانب سے عوام کو ریلیف فراہم کرنے کے لئے اقدامات کئے جا رہے ہیں اور اس سلسلے میں متعلقہ اداروں کو ہدایات جاری کر دی گئی ہیں۔ ذرائع کے مطابق اجلاس میں مختلف امور پر تفصیلی غور کیا گیا اور اہم فیصلے کئے گئے۔ شہریوں نے مطالبہ کیا ہے کہ مسائل فوری طور پر حل کئے جائیں۔ پولیس کا کہنا ہے کہ واقعے کی تحقیقات جاری ہیں اور ملزمان کو جلد گرفتار کر لیا جائے گا۔ ماہرین کے مطابق صورتحال میں بہتری کی توقع ہے جبکہ انتظامیہ نے تمام تیاریاں مکمل کر لی ہیں۔

نمبر 18

انہوں نے کہا کہ حکومت کی جانب سے عوام کو ریلیف فراہم کرنے کے لئے اقدامات کئے جا رہے ہیں اور اس سلسلے میں متعلقہ اداروں کو ہدایات جاری کر دی گئی ہیں۔ ذرائع کے مطابق اجلاس میں مختلف امور پر تفصیلی غور کیا گیا اور اہم فیصلے کئے گئے۔ شہریوں نے مطالبہ کیا ہے کہ مسائل فوری طور پر حل کئے جائیں۔ پولیس کا کہنا ہے کہ واقعے کی تحقیقات جاری ہیں اور ملزمان کو جلد گرفتار کر لیا جائے گا۔ ماہرین کے مطابق صورتحال میں بہتری کی توقع ہے جبکہ انتظامیہ نے تمام تیاریاں مکمل کر لی ہیں۔ انہوں نے کہا کہ حکومت کی جانب سے عوام کو ریلیف فراہم کرنے کے لئے اقدامات کئے جا رہے ہیں اور اس سلسلے میں متعلقہ اداروں کو ہدایات جاری کر دی گئی ہیں۔ ذرائع کے مطابق اجلاس میں مختلف امور پر تفصیلی غور کیا گیا اور اہم فیصلے کئے گئے۔ شہریوں نے مطالبہ کیا ہے کہ مسائل فوری طور پر حل کئے جائیں۔ پولیس کا کہنا ہے کہ واقعے کی تحقیقات جاری ہیں اور ملزمان کو جلد گرفتار کر لیا جائے گا۔ ماہرین کے مطابق صورتحال میں بہتری کی توقع ہے جبکہ انتظامیہ نے تمام تیاریاں مکمل کر لی ہیں۔ انہوں نے کہا کہ

نمبر 19

انہوں نے کہا کہ حکومت کی جانب سے عوام کو ریلیف فراہم کرنے کے لئے اقدامات کئے جا رہے ہیں اور اس سلسلے میں متعلقہ اداروں کو ہدایات جاری کر دی گئی ہیں۔ ذرائع کے مطابق اجلاس میں مختلف امور پر تفصیلی غور کیا گیا اور اہم فیصلے کئے گئے۔ شہریوں نے مطالبہ کیا ہے کہ مسائل فوری طور پر حل کئے جائیں۔ پولیس کا کہنا ہے کہ واقعے کی تحقیقات جاری ہیں اور ملزمان کو جلد گرفتار کر لیا جائے گا۔ ماہرین کے مطابق صورتحال میں بہتری کی توقع ہے جبکہ انتظامیہ نے تمام تیاریاں مکمل کر لی ہیں۔ انہوں نے کہا کہ حکومت کی جانب سے عوام کو ریلیف فراہم کرنے کے لئے اقدامات کئے جا رہے ہیں اور اس سلسلے میں متعلقہ اداروں کو ہدایات جاری کر دی گئی ہیں۔ ذرائع کے مطابق اجلاس میں مختلف امور پر تفصیلی غور کیا گیا اور اہم فیصلے کئے گئے۔ شہریوں نے مطالبہ کیا ہے کہ مسائل فوری طور پر حل کئے جائیں۔ پولیس کا کہنا ہے کہ واقعے کی تحقیقات جاری ہیں اور ملزمان کو جلد گرفتار کر لیا جائے گا۔ ماہرین کے مطابق صورتحال میں بہتری کی توقع ہے جبکہ انتظامیہ نے تمام تیاریاں مکمل کر لی ہیں۔ انہوں نے کہا کہ حکومت کی جانب سے عوام کو ریلیف فراہم کرنے کے لئے اقدامات کئے جا رہے ہیں اور اس سلسلے میں متعلقہ اداروں کو ہدایات جاری کر دی گئی ہیں۔ ذرائع کے مطابق اجلاس میں مختلف امور پر تفصیلی غور کیا گیا اور اہم فیصلے کئے گئے۔ شہریوں نے مطالبہ کیا ہے کہ مسائل فوری طور پر حل کئے جائیں۔ پولیس کا کہنا ہے کہ واقعے کی تحقیقات جاری ہیں اور ملزمان کو جلد گرفتار کر لیا جائے گا۔ ماہرین کے مطابق صورتحال میں بہتری کی توقع ہے جبکہ انتظامیہ نے تمام تیاریاں مکمل کر لی ہیں۔

نمبر 10
پاکستانی شہری

انہوں نے کہا کہ حکومت کی جانب سے عوام کو ریلیف فراہم کرنے کے لئے اقدامات کئے جا رہے ہیں اور اس سلسلے میں متعلقہ اداروں کو ہدایات جاری کر دی گئی ہیں۔ ذرائع کے مطابق اجلاس میں مختلف امور پر تفصیلی غور کیا گیا اور اہم فیصلے کئے گئے۔ شہریوں نے مطالبہ کیا ہے کہ مسائل فوری طور پر حل کئے جائیں۔ پولیس کا کہنا ہے کہ واقعے کی تحقیقات جاری ہیں اور ملزمان کو جلد گرفتار کر لیا جائے گا۔ ماہرین کے مطابق صورتحال میں بہتری کی توقع ہے جبکہ انتظامیہ نے تمام تیاریاں مکمل کر لی ہیں۔ انہوں نے کہا کہ حکومت کی جانب سے عوام کو ریلیف فراہم کرنے کے لئے اقدامات کئے جا رہے ہیں اور اس سلسلے میں متعلقہ اداروں کو ہدایات جاری کر دی گئی ہیں۔ ذرائع کے مطابق اجلاس میں مختلف امور پر تفصیلی غور کیا گیا اور اہم فیصلے کئے گئے۔ شہریوں نے مطالبہ کیا ہے کہ مسائل فوری طور پر حل کئے جائیں۔ پولیس کا کہنا ہے کہ واقعے کی تحقیقات جاری ہیں اور ملزمان کو جلد گرفتار کر لیا جائے گا۔ ماہرین کے مطابق صورتحال میں بہتری کی توقع ہے جبکہ انتظامیہ نے تمام تیاریاں مکمل کر لی ہیں۔ انہوں نے کہا کہ حکومت کی جانب سے عوام کو ریلیف فراہم کرنے کے لئے اقدامات کئے جا رہے ہیں اور اس سلسلے میں متعلقہ اداروں کو ہدایات جاری کر دی گئی ہیں۔ ذرائع کے مطابق اجلاس میں مختلف امور پر تفصیلی غور کیا گیا اور اہم فیصلے کئے گئے۔ شہریوں نے مطالبہ کیا ہے کہ مسائل فوری طور پر حل کئے جائیں۔ پولیس کا کہنا ہے کہ واقعے کی تحقیقات جاری ہیں اور ملزمان کو جلد گرفتار کر لیا جائے گا۔ ماہرین کے مطابق صورتحال میں بہتری کی توقع ہے جبکہ انتظامیہ نے تمام تیاریاں مکمل کر لی ہیں۔ انہوں نے کہا کہ حکومت کی جانب سے عوام کو ریلیف فراہم کرنے کے لئے اقدامات کئے جا رہے ہیں اور اس سلسلے میں متعلقہ اداروں کو ہدایات جاری کر دی گئی ہیں۔ ذرائع کے مطابق اجلاس میں مختلف امور پر تفصیلی غور کیا گیا اور اہم فیصلے کئے گئے۔ شہریوں نے مطالبہ کیا ہے کہ مسائل فوری طور پر حل کئے جائیں۔ پولیس کا کہنا ہے کہ واقعے کی تحقیقات جاری ہیں اور ملزمان کو جلد گرفتار کر لیا جائے گا۔ ماہرین کے مطابق صورتحال میں بہتری کی توقع ہے جبکہ انتظامیہ نے تمام تیاریاں مکمل کر لی ہیں۔ انہوں نے کہا کہ حکومت کی جانب سے عوام کو ریلیف فراہم کرنے کے لئے اقدامات کئے جا رہ

نمبر 11

انہوں نے کہا کہ حکومت کی جانب سے عوام کو ریلیف فراہم کرنے کے لئے اقدامات کئے جا رہے ہیں اور اس سلسلے میں متعلقہ اداروں کو ہدایات جاری کر دی گئی ہیں۔ ذرائع کے مطابق اجلاس میں مختلف امور پر تفصیلی غور کیا گیا اور اہم فیصلے کئے گئے۔ شہریوں نے مطالبہ کیا ہے کہ مسائل فوری طور پر حل کئے جائیں۔ پولیس کا کہنا ہے کہ واقعے کی تحقیقات جاری ہیں اور ملزمان کو جلد گرفتار کر لیا جائے گا۔ ماہرین کے مطابق صورتحال میں بہتری کی توقع ہے جبکہ انتظامیہ نے تمام تیاریاں مکمل کر لی ہیں۔ انہوں نے کہا کہ حکومت کی جانب سے عوام کو ریلیف فراہم کرنے کے لئے اقدامات کئے جا رہے ہیں اور اس سلسلے میں متعلقہ اداروں کو ہدایات جاری کر دی گئی ہیں۔ ذرائع کے مطابق اجلاس میں مختلف امور پر تفصیلی غور کیا گیا اور اہم فیصلے کئے گئے۔ شہریوں نے مطالبہ کیا ہے کہ مسائل فوری طور پر حل کئے جائیں۔ پولیس کا کہنا ہے کہ واقعے کی تحقیقات جاری ہیں اور ملزمان کو جلد گرفتار کر لیا جائے گا۔ ماہرین کے مطابق صورتحال میں بہتری کی توقع ہے جبکہ انتظامیہ نے تمام تیاریاں مکمل کر لی ہیں۔ انہوں نے کہا کہ حکومت کی جانب سے عوام کو ریلیف فراہم کرنے کے لئے ا

نمبر 12

انہوں نے کہا کہ حکومت کی جانب سے عوام کو ریلیف فراہم کرنے کے لئے اقدامات کئے جا رہے ہیں اور اس سلسلے میں متعلقہ اداروں کو ہدایات جاری کر دی گئی ہیں۔ ذرائع کے مطابق اجلاس میں مختلف امور پر تفصیلی غور کیا گیا اور اہم فیصلے کئے گئے۔ شہریوں نے مطالبہ کیا ہے کہ مسائل فوری طور پر حل کئے جائیں۔ پولیس کا کہنا ہے کہ واقعے کی تحقیقات جاری ہیں اور ملزمان کو جلد گرفتار کر لیا جائے گا۔ ماہرین کے مطابق صورتحال میں بہتری کی توقع ہے جبکہ انتظامیہ نے تمام تیاریاں مکمل کر لی ہیں۔ انہوں نے کہا کہ حکومت کی جانب سے عوام کو ریلیف فراہم کرنے کے لئے اقدامات کئے جا رہے ہیں اور اس سلسلے میں متعلقہ اداروں کو ہدایات جاری کر دی گئی ہیں۔ ذرائع کے مطابق اجلاس میں مختلف امور پر تفصیلی غور کیا گیا اور اہم فیصلے کئے گئے۔ شہریوں نے مطالبہ کیا ہے کہ مسائل فوری طور پر حل کئے جائیں۔ پولیس کا کہنا ہے کہ واقعے کی تحقیقات جاری ہیں اور ملزمان کو جلد گرفتار کر لیا جائے گا۔ ماہرین کے مطابق صورتحال میں بہتری کی توقع ہے جبکہ انتظامیہ نے تمام تیاریاں مکمل کر لی ہیں۔ انہوں نے کہا کہ حکومت کی جانب سے عوام کو ریلیف فراہم کرنے کے لئے ا

نمبر 13

انہوں نے کہا کہ حکومت کی جانب سے عوام کو ریلیف فراہم کرنے کے لئے اقدامات کئے جا رہے ہیں اور اس سلسلے میں متعلقہ اداروں کو ہدایات جاری کر دی گئی ہیں۔ ذرائع کے مطابق اجلاس میں مختلف امور پر تفصیلی غور کیا گیا اور اہم فیصلے کئے گئے۔ شہریوں نے مطالبہ کیا ہے کہ مسائل فوری طور پر حل کئے جائیں۔ پولیس کا کہنا ہے کہ واقعے کی تحقیقات جاری ہیں اور ملزمان کو جلد گرفتار کر لیا جائے گا۔ ماہرین کے مطابق صورتحال میں بہتری کی توقع ہے جبکہ انتظامیہ نے تمام تیاریاں مکمل کر لی ہیں۔ انہوں نے کہا کہ حکومت کی جانب سے عوام کو ریلیف فراہم کرنے کے لئے اقدامات کئے جا رہے ہیں اور اس سلسلے میں متعلقہ اداروں کو ہدایات جاری کر دی گئی ہیں۔ ذرائع کے مطابق اجلاس میں مختلف امور پر تفصیلی غور کیا گیا اور اہم فیصلے کئے گئے۔ شہریوں نے مطالبہ کیا ہے

نمبر 14

انہوں نے کہا کہ حکومت کی جانب سے عوام کو ریلیف فراہم کرنے کے لئے اقدامات کئے جا رہے ہیں اور اس سلسلے میں متعلقہ اداروں کو ہدایات جاری کر دی گئی ہیں۔ ذرائع کے مطابق اجلاس میں مختلف امور پر تفصیلی غور کیا گیا اور اہم فیصلے کئے گئے۔ شہریوں نے مطالبہ کیا ہے کہ مسائل فوری طور پر حل کئے جائیں۔ پولیس کا کہنا ہے کہ واقعے کی تحقیقات جاری ہیں اور ملزمان کو جلد گرفتار کر لیا جائے گا۔ ماہرین کے مطابق صورتحال میں بہتری کی توقع ہے جبکہ انتظامیہ نے تمام تیاریاں مکمل کر لی ہیں۔ انہوں نے کہا کہ حکومت کی جانب سے عوام کو ریلیف فراہم کرنے کے لئے اقدامات کئے جا رہے ہیں اور اس سلسلے میں متعلقہ اداروں کو ہدایات جاری کر دی گئی ہیں۔ ذرائع کے مطابق اجلاس میں مختلف امور پر تفصیلی غور کیا گیا اور اہم فیصلے کئے گئے۔ شہر

نمبر 6
ہدایات

انہوں نے کہا کہ حکومت کی جانب سے عوام کو ریلیف فراہم کرنے کے لئے اقدامات کئے جا رہے ہیں اور اس سلسلے میں متعلقہ اداروں کو ہدایات جاری کر دی گئی ہیں۔ ذرائع کے مطابق اجلاس میں مختلف امور پر تفصیلی غور کیا گیا اور اہم فیصلے کئے گئے۔ شہریوں نے مطالبہ کیا ہے کہ مسائل فوری طور پر حل کئے جائیں۔ پولیس کا کہنا ہے کہ واقعے کی تحقیقات جاری ہیں اور ملزمان کو جلد گرفتار کر لیا جائے گا۔ ماہرین کے مطابق صورتحال میں بہتری کی توقع ہے جبکہ انتظامیہ نے تمام تیاریاں مکمل کر لی ہیں۔ انہوں نے کہا کہ حکومت کی جانب سے عوام کو ریلیف فراہم کرنے کے لئے اقدامات کئے جا رہے ہیں اور اس سلسلے میں متعلقہ اداروں کو ہدایات جاری کر دی گئی ہیں۔ ذرائع کے مطابق اجلاس میں مختلف امور پر تفصیلی غور کیا گیا اور اہم فیصلے کئے گئے۔ شہریوں نے مطالبہ کیا ہے کہ مسائل فوری طور پر حل کئے جائیں۔ پولیس کا کہنا ہے کہ واقعے کی تحقیقات جاری ہیں اور ملزمان کو جلد گرفتار کر لیا جائے گا۔ ماہرین کے مطابق صورتحال میں بہتری کی توقع ہے جبکہ انتظامیہ نے تمام تیاریاں مکمل کر لی ہیں۔ انہوں نے کہا کہ حکومت کی جانب سے عوام کو ریلیف فراہم کرنے کے لئے اقدامات کئے جا رہے ہیں اور اس سلسلے میں متعلقہ اداروں کو ہدایات جاری کر دی گئی ہیں۔ ذرائع کے مطابق اجلاس میں مختلف امور پر تفصیلی غور کیا گیا اور اہم فیصلے کئے گئے۔ شہریوں نے مطالبہ کیا ہے کہ مسائل فوری طور پر حل کئے جائیں۔ پولیس کا کہنا ہے کہ واقعے کی تحقیقات جاری ہیں اور ملزمان کو جلد گرفتار کر لیا جائے گا۔ ماہرین کے مطابق صورتحال میں بہتری کی توقع ہے جبکہ انتظامیہ نے تمام تیاریاں مکمل کر لی ہیں۔ انہوں نے کہا کہ حکومت کی جانب سے عوام کو ریلیف فراہم کرنے کے لئے اقدامات کئے جا رہے ہیں اور اس سلسلے میں متعلقہ اداروں کو ہدایات جاری کر دی گئی ہیں۔ ذرائع کے مطابق اجلاس میں مختلف امور پر تفصیلی غور کیا گیا اور اہم فیصلے کئے گئے۔ شہریوں نے مطالبہ کیا ہے کہ مسائل فوری طور پر حل کئے جائیں۔ پولیس کا کہنا ہے کہ واقعے کی تحقیقات جاری ہیں اور ملزمان کو جلد گرفتار کر لیا جائے گا۔ ماہرین کے مطابق صورتحال

نمبر 7

انہوں نے کہا کہ حکومت کی جانب سے عوام کو ریلیف فراہم کرنے کے لئے اقدامات کئے جا رہے ہیں اور اس سلسلے میں متعلقہ اداروں کو ہدایات جاری کر دی گئی ہیں۔ ذرائع کے مطابق اجلاس میں مختلف امور پر تفصیلی غور کیا گیا اور اہم فیصلے کئے گئے۔ شہریوں نے مطالبہ کیا ہے کہ مسائل فوری طور پر حل کئے جائیں۔ پولیس کا کہنا ہے کہ واقعے کی تحقیقات جاری ہیں اور ملزمان کو جلد گرفتار کر لیا جائے گا۔ ماہرین کے مطابق صورتحال میں بہتری کی توقع ہے جبکہ انتظامیہ نے تمام تیاریاں مکمل کر لی ہیں۔ انہوں نے کہا کہ حکومت کی جانب سے عوام کو ریلیف فراہم کرنے کے لئے اقدامات کئے جا رہے ہیں اور اس سلسلے میں متعلقہ اداروں کو ہدایات جاری کر دی گئی ہیں۔ ذرائع کے مطابق اجلاس میں مختلف امور پر تفصیلی غور کیا گیا اور اہ

نمبر 8

انہوں نے کہا کہ حکومت کی جانب سے عوام کو ریلیف فراہم کرنے کے لئے اقدامات کئے جا رہے ہیں اور اس سلسلے میں متعلقہ اداروں کو ہدایات جاری کر دی گئی ہیں۔ ذرائع کے مطابق اجلاس میں مختلف امور پر تفصیلی غور کیا گیا اور اہم فیصلے کئے گئے۔ شہریوں نے مطالبہ کیا ہے کہ مسائل فوری طور پر حل کئے جائیں۔ پولیس کا کہنا ہے کہ واقعے کی تحقیقات جاری ہیں اور ملزمان کو جلد گرفتار کر لیا جائے گا۔ ماہرین کے مطابق صورتحال میں بہتری کی توقع ہے جبکہ انتظامیہ نے تمام تیاریاں مکمل کر لی ہیں۔ انہوں نے کہا کہ حکومت کی جانب سے عوام کو ریلیف فراہم کرنے کے لئے اقدامات کئے جا رہے ہیں اور اس سلسلے میں متعلقہ اداروں کو ہدایات جاری کر دی گئی ہیں۔ ذرائع کے مطابق اجلاس میں مختلف امور پر تفصیلی غور کیا گیا اور اہم فیصلے کئے گئے۔ شہریوں نے مطالبہ کیا ہے کہ مسائل فوری طور پر حل کئے جائیں۔ پولیس کا کہنا ہے کہ واقعے کی تحقیقات جاری ہیں اور ملزمان کو جلد گرفتار کر لیا جائے گا۔ ماہرین کے مطابق صورتحال میں بہتری کی توقع ہے جبکہ انتظامیہ نے تمام تیاریاں مکمل کر لی ہیں۔ انہوں نے کہا کہ حکومت کی جانب سے عوام کو ریلیف فراہم کرنے کے لئے اقدامات کئے جا رہے ہیں اور اس سلسلے میں متعلقہ اداروں کو ہدایات جاری کر دی گئی ہیں۔ ذرائع کے مطابق اج

نمبر 9
134 ارکان

انہوں نے کہا کہ حکومت کی جانب سے عوام کو ریلیف فراہم کرنے کے لئے اقدامات کئے جا رہے ہیں اور اس سلسلے میں متعلقہ اداروں کو ہدایات جاری کر دی گئی ہیں۔ ذرائع کے مطابق اجلاس میں مختلف امور پر تفصیلی غور کیا گیا اور اہم فیصلے کئے گئے۔ شہریوں نے مطالبہ کیا ہے کہ مسائل فوری طور پر حل کئے جائیں۔ پولیس کا کہنا ہے کہ واقعے کی تحقیقات جاری ہیں اور ملزمان کو جلد گرفتار کر لیا جائے گا۔ ماہرین کے مطابق صورتحال میں بہتری کی توقع ہے جبکہ انتظامیہ نے تمام تیاریاں مکمل کر لی ہیں۔ انہوں نے کہا کہ حکومت کی جانب سے

نمبر 1
امریکا ایران

انہوں نے کہا کہ حکومت کی جانب سے عوام کو ریلیف فراہم کرنے کے لئے اقدامات کئے جا رہے ہیں اور اس سلسلے میں متعلقہ اداروں کو ہدایات جاری کر دی گئی ہیں۔ ذرائع کے مطابق اجلاس میں مختلف امور پر تفصیلی غور کیا گیا اور اہم فیصلے کئے گئے۔ شہریوں نے مطالبہ کیا ہے کہ مسائل فوری طور پر حل کئے جائیں۔ پولیس کا کہنا ہے کہ واقعے کی تحقیقات جاری ہیں اور ملزمان کو جلد گرفتار کر لیا جائے گا۔ ماہرین کے مطابق صورتحال میں بہتری کی توقع ہے جبکہ انتظامیہ نے تمام تیاریاں مکمل کر لی ہیں۔ انہوں نے کہا کہ حکومت کی جانب سے عوام کو ریلیف فراہم کرنے کے لئے اقدامات کئے جا رہے ہیں اور ا

نمبر 2
سیاسی

انہوں نے کہا کہ حکومت کی جانب سے عوام کو ریلیف فراہم کرنے کے لئے اقدامات کئے جا رہے ہیں اور اس سلسلے میں متعلقہ اداروں کو ہدایات جاری کر دی گئی ہیں۔ ذرائع کے مطابق اجلاس میں مختلف امور پر تفصیلی غور کیا گیا اور اہم فیصلے کئے گئے۔ شہریوں نے مطالبہ کیا ہے کہ مسائل فوری طور پر حل کئے جائیں۔ پولیس کا کہنا ہے کہ واقعے کی تحقیقات جاری ہیں اور ملزمان کو جلد گرفتار کر لیا جائے گا۔ ماہرین کے مطابق صورتحال میں بہتری کی توقع ہے جبکہ انتظامیہ نے تمام تیاریاں مکمل کر لی ہیں۔ انہوں نے کہا کہ حکومت کی جانب سے عوام کو ریلیف فراہم کرنے کے لئے اقدامات کئے جا رہے ہیں اور اس سلسلے میں متعلقہ اداروں کو ہدایات جاری کر دی گئی ہیں۔ ذرائع کے مطابق اجلاس میں مختلف امور پر تفصیلی غور کیا گیا اور اہم فیصلے کئے گئے۔ شہریوں نے مطالبہ کیا ہے کہ مسائل فوری طور پر حل کئے جائیں۔ پولیس کا کہنا ہے کہ واقعے کی تحقیقات جاری ہیں اور ملزمان کو جلد گرفتار کر لیا جائے گا۔ ماہرین کے مطابق صورتحال میں بہتری کی توقع ہے جبکہ انتظامیہ نے تمام تیاریاں مکمل کر لی ہیں۔ انہوں نے کہا کہ حکومت کی جانب سے عوام کو ریلیف فراہم کرنے کے لئے اقدامات کئے جا رہے ہیں اور اس سلسلے میں متعلقہ اداروں کو ہدایات جاری کر دی گئی ہیں۔ ذرائع کے مطابق اج

نمبر 3
وزیراعظم آزاد کشمیر

انہوں نے کہا کہ حکومت کی جانب سے عوام کو ریلیف فراہم کرنے کے لئے اقدامات کئے جا رہے ہیں اور اس سلسلے میں متعلقہ اداروں کو ہدایات جاری کر دی گئی ہیں۔ ذرائع کے مطابق اجلاس میں مختلف امور پر تفصیلی غور کیا گیا اور اہم فیصلے کئے گئے۔ شہریوں نے مطالبہ کیا ہے کہ مسائل فوری طور پر حل کئے جائیں۔ پولیس کا کہنا ہے کہ واقعے کی تحقیقات جاری ہیں اور ملزمان کو جلد گرفتار کر لیا جائے گا۔ ماہرین کے مطابق صورتحال میں بہتری کی توقع ہے جبکہ انتظامیہ نے تمام تیاریاں مکمل کر لی ہیں۔ انہوں نے کہا کہ حکومت کی جانب سے عوام کو ریلیف فراہم کرنے کے لئے اقدامات کئے جا رہے ہیں اور اس سلسلے میں متعلقہ اداروں کو ہدایات جاری کر دی گئی ہیں۔ ذرائع کے مطابق اجلاس میں مختلف امور پر تفصیلی غور کیا گیا اور اہم فیصلے کئے گئے۔ شہریوں نے مطالبہ کیا ہے کہ مسائل فوری طور پر حل کئے جائیں۔ پولیس کا کہنا ہے کہ واقعے کی تحقیقات جاری ہیں اور ملزمان کو جلد گرفتار کر لیا جائے گا۔ ماہرین کے مطابق صورتحال میں بہتری کی توقع ہے جبکہ انتظامیہ نے تمام تیاریاں مکمل کر لی ہیں۔ انہوں نے کہا کہ حکومت کی جانب سے عوام کو ریلیف فراہم کرنے کے لئے اقدامات کئے جا رہے ہیں اور اس سلسلے میں متعلقہ اداروں کو ہدایات جاری کر دی گئی ہیں۔ ذرائع کے مطابق اجلاس میں مختلف امور پر تفصیلی غور کیا گیا اور اہم فیصلے کئے گئے۔ شہریوں نے مطالبہ کیا ہے کہ مسائل فوری طور پر حل کئے جائیں۔ پولیس کا کہنا ہے کہ واقعے کی تحقیقات جاری ہیں اور ملزمان کو جلد گرفتار کر لیا جائے گا۔ ماہرین کے مطابق صورتحال میں بہتری کی توقع ہے جبکہ انتظامیہ نے تمام تیاریاں مکمل کر لی ہیں۔ انہوں نے کہا کہ حکومت کی جانب سے عوام کو ریلیف فراہم کرنے کے لئے اقدامات کئے جا رہے ہیں اور اس سلسلے میں متعلقہ اداروں کو ہدایات جاری کر دی گئی ہیں۔ ذرائع کے مطابق اجلاس میں مختلف امور پر تفصیلی غور کیا گیا اور اہم فیصلے کئے گئے۔ شہریوں نے مطالبہ کیا ہے کہ مسائل فوری طور پر حل کئے جائیں۔ پولیس کا کہنا ہے کہ واقعے کی تحقیقات جاری ہیں اور ملزمان کو جلد گرفتار کر لیا جائے گا۔ ماہرین کے مطابق صورتحال میں بہتری کی توقع ہے جبکہ انتظامیہ نے تمام تیاریاں مکمل کر لی ہیں۔ انہوں نے کہا کہ حکومت کی جانب سے عوام کو ریلیف فراہم کرنے کے لئے اقدامات کئے جا رہے ہیں اور اس سلسلے میں متعلقہ اداروں کو ہدایات جاری کر دی گئی ہیں۔ ذرائع کے مطابق اجلاس میں مختلف امور پر تفصیلی غور کیا گیا اور اہم فیصلے کئے گئے۔ شہریوں نے مطالبہ کیا ہے کہ مسائل فوری طور پر حل کئے جائیں۔ پولیس کا کہنا ہے کہ واقعے کی تحقیقات جاری ہیں اور ملزمان کو جلد گرفتار کر لیا جائے گا۔ ماہرین کے مطابق صورتحال میں بہتری کی توقع ہے جبکہ انتظامیہ نے تمام تیاریاں مکمل کر لی ہیں۔ انہوں نے کہا کہ حکومت کی جانب سے عوام کو ریلیف فراہم کرنے کے لئے اقدامات کئے جا رہے ہیں اور اس سلسلے میں متعلقہ اداروں کو ہدایات جاری کر دی گئی ہیں۔ ذرائع کے مطابق اجلاس میں مختلف امور پر تفصیلی غور کیا گیا اور اہم فیصلے کئے گئے۔ شہریوں نے مطالبہ کیا ہے کہ مسائل فوری طور پر حل کئے جائیں۔ پولیس کا کہنا ہے کہ واقعے کی تحقیقات جاری ہیں اور ملزمان کو جلد گرفتار کر لیا جائے گا۔ ماہرین کے مطابق صورتحال میں بہتری کی توقع ہے جبکہ انتظامیہ نے تمام تیاریاں مکمل کر لی ہیں۔ انہوں نے کہا کہ حکومت کی جانب سے عوام کو ریلیف فراہم کرنے کے لئے اقدامات کئے جا رہے ہیں اور اس سلسلے میں متعلقہ اداروں کو ہدایات جاری کر دی گئی ہیں۔ ذرائع کے مطابق اجلاس میں مختلف امور پر تفصیلی غور

نمبر 4

انہوں نے کہا کہ حکومت کی جانب سے عوام کو ریلیف فراہم کرنے کے لئے اقدامات کئے جا رہے ہیں اور اس سلسلے میں متعلقہ اداروں کو ہدایات جاری کر دی گئی ہیں۔ ذرائع کے مط

نمبر 5

انہوں نے کہا کہ حکومت کی جانب سے عوام کو ریلیف فراہم کرنے کے لئے اقدامات کئے جا رہے ہیں اور اس سلسلے میں متعلقہ اداروں کو ہدایات جاری کر دی گئی ہیں۔ ذرائع کے مطابق اجلاس میں مختلف امور پر تفصیلی غور کیا گیا اور اہم فیصلے کئے گئے۔ شہریوں نے مطالبہ کیا ہے کہ مسائل فوری طور پر حل کئے جائیں۔ پولیس کا کہنا ہے کہ واقعے کی تحقیقات جاری ہیں اور ملزمان کو جلد گرفتار کر لیا جائے گا۔ ماہرین کے مطابق صورتحال میں بہتری کی توقع ہے جبکہ انتظامیہ نے تمام تیاریاں مکمل کر لی ہیں۔ انہوں نے کہا کہ حکومت کی جانب سے عوام کو ریلیف فراہم کرنے کے لئے اقدامات کئے جا رہے ہیں اور اس سلسلے میں متعلقہ اداروں کو ہدایات جاری کر دی گئی ہیں۔ ذرائع کے مطابق اجلاس میں مختلف امور پر تفصیلی غور کیا گیا اور اہم فیصلے کئے گئے۔ شہریوں نے مطالبہ کیا ہے کہ مسائل فوری طور پر حل کئے جائیں۔ پولیس کا کہنا ہے کہ واقعے کی تحقیقات جاری ہیں اور ملزمان کو جلد گرفتار کر لیا جائے گا۔ ماہرین کے مطابق صورتحال میں بہتری کی توقع ہے جبکہ انتظامیہ نے تمام تیاریاں مکمل کر لی ہیں۔ انہوں نے کہا کہ حکومت کی جانب سے عوام کو ریلیف فراہم کرنے کے لئے اقدامات کئے جا رہے ہیں اور اس سلسلے میں متعلقہ اداروں کو ہدایات جاری کر دی گئی ہیں۔ ذرائع کے مطابق اجلاس میں مختلف امور پر تفصیلی غور کیا گیا اور اہم فیصلے کئے گئے۔ شہریوں نے مطالبہ کیا ہے کہ مسائل فوری طور پر حل کئے جائیں۔ پولیس کا کہنا ہے کہ واقعے کی تحقیقات جاری ہیں اور ملزمان کو جلد گرفتار کر لیا جائے گا۔ ماہرین کے مطابق صورتحال میں بہتری کی توقع ہے جبکہ انتظامیہ نے تمام تیاریاں مکمل کر لی ہیں۔
